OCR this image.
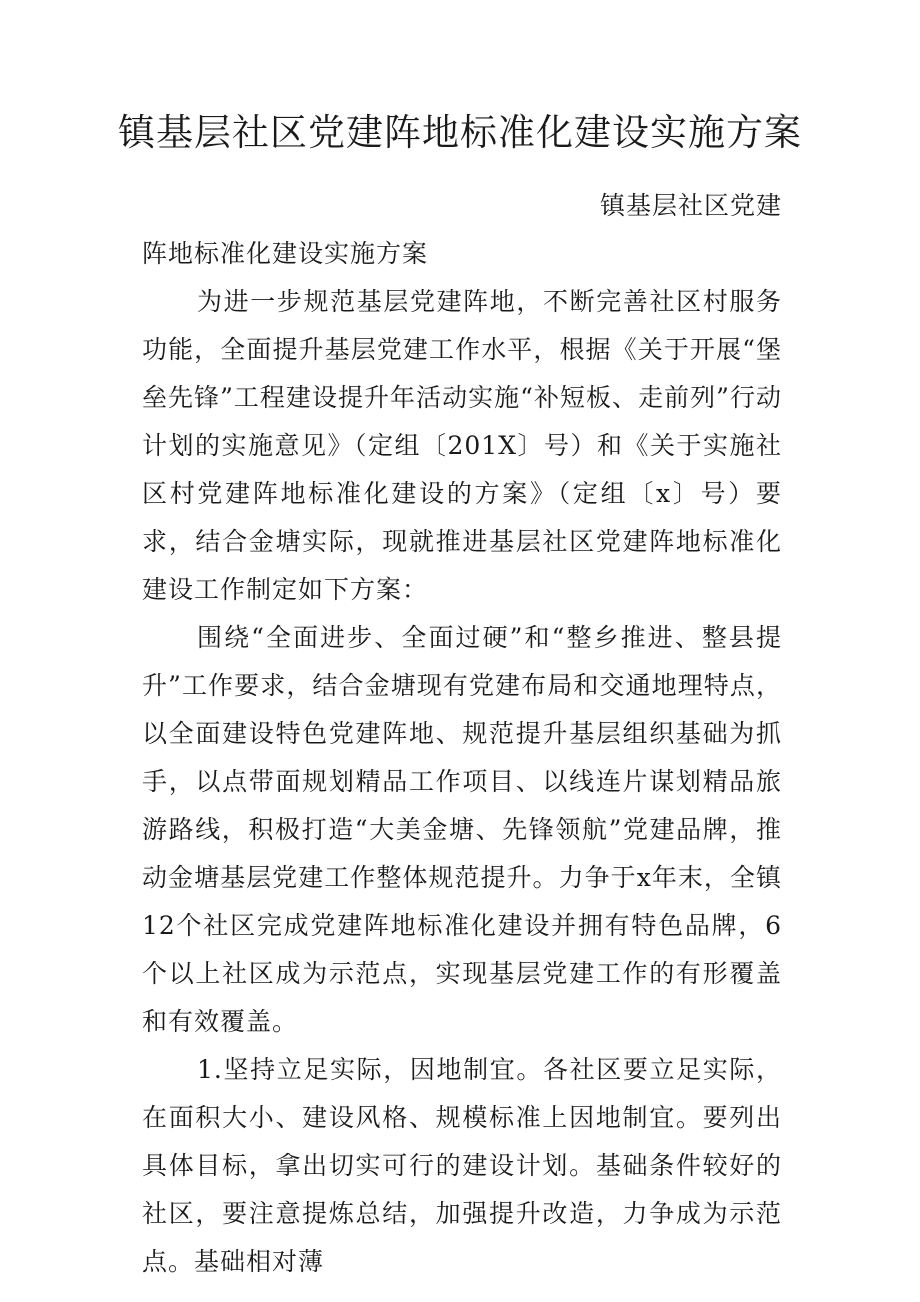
镇基层社区党建阵地标准化建设实施方案

镇基层社区党建

阵地标准化建设实施方案

为进一步规范基层党建阵地，不断完善社区村服务功能，全面提升基层党建工作水平，根据《关于开展“堡垒先锋”工程建设提升年活动实施“补短板、走前列”行动计划的实施意见》（定组〔201X〕号）和《关于实施社区村党建阵地标准化建设的方案》（定组〔x〕号）要求，结合金塘实际，现就推进基层社区党建阵地标准化建设工作制定如下方案：

围绕“全面进步、全面过硬”和“整乡推进、整县提升”工作要求，结合金塘现有党建布局和交通地理特点，以全面建设特色党建阵地、规范提升基层组织基础为抓手，以点带面规划精品工作项目、以线连片谋划精品旅游路线，积极打造“大美金塘、先锋领航”党建品牌，推动金塘基层党建工作整体规范提升。力争于x年末，全镇12个社区完成党建阵地标准化建设并拥有特色品牌，6个以上社区成为示范点，实现基层党建工作的有形覆盖和有效覆盖。

1.坚持立足实际，因地制宜。各社区要立足实际，在面积大小、建设风格、规模标准上因地制宜。要列出具体目标，拿出切实可行的建设计划。基础条件较好的社区，要注意提炼总结，加强提升改造，力争成为示范点。基础相对薄
